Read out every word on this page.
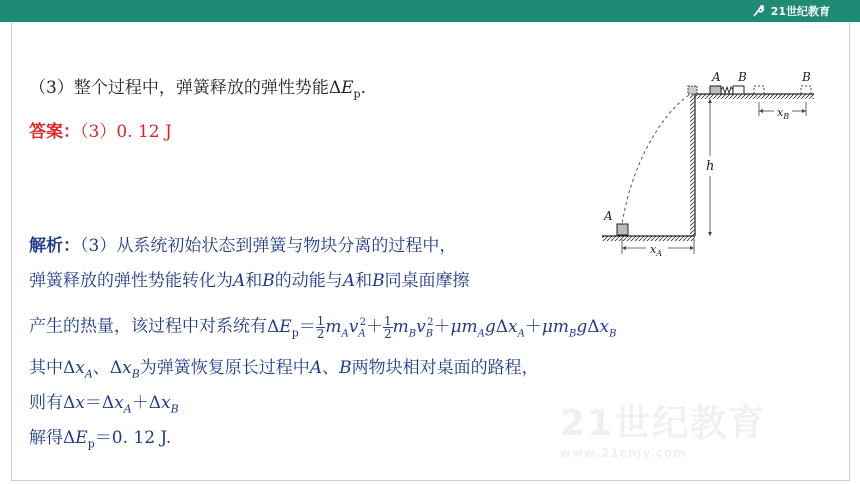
21世纪教育
（3）整个过程中，弹簧释放的弹性势能$\Delta E_p$.
答案：（3）0. 12 J
解析：（3）从系统初始状态到弹簧与物块分离的过程中，
弹簧释放的弹性势能转化为A和B的动能与A和B同桌面摩擦
产生的热量，该过程中对系统有$\Delta E_p=1$
$2m_Av_A^2+1$
$2m_Bv_B^2+\mu m_Ag\Delta x_A+\mu m_Bg\Delta x_B$
其中$\Delta x_A$、$\Delta x_B$为弹簧恢复原长过程中A、B两物块相对桌面的路程，
则有$\Delta x=\Delta x_A+\Delta x_B$
解得$\Delta E_p=0$. 12 J.
A B	B
$x_B$
h
A
$x_A$
21世纪教育
www.21cnjy.com
